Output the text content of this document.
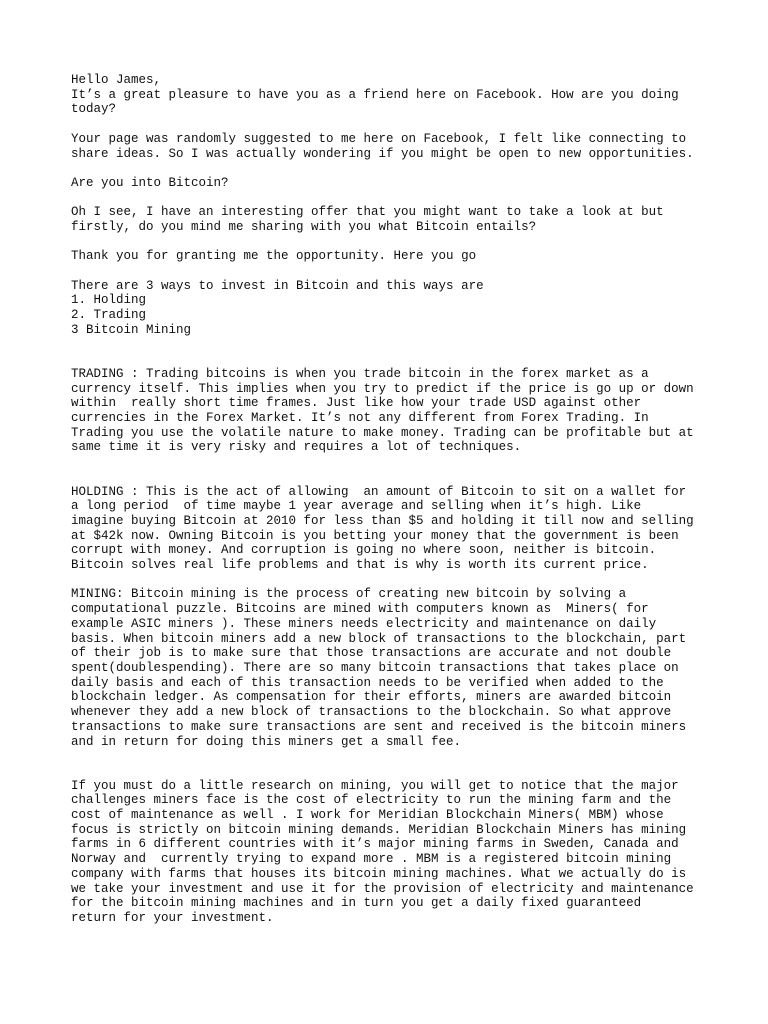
Hello James,

It’s a great pleasure to have you as a friend here on Facebook. How are you doing
today?

Your page was randomly suggested to me here on Facebook, I felt like connecting to
share ideas. So I was actually wondering if you might be open to new opportunities.

Are you into Bitcoin?

Oh I see, I have an interesting offer that you might want to take a look at but
firstly, do you mind me sharing with you what Bitcoin entails?

Thank you for granting me the opportunity. Here you go

There are 3 ways to invest in Bitcoin and this ways are

1. Holding

2. Trading

3 Bitcoin Mining

TRADING : Trading bitcoins is when you trade bitcoin in the forex market as a
currency itself. This implies when you try to predict if the price is go up or down
within  really short time frames. Just like how your trade USD against other
currencies in the Forex Market. It’s not any different from Forex Trading. In
Trading you use the volatile nature to make money. Trading can be profitable but at
same time it is very risky and requires a lot of techniques.

HOLDING : This is the act of allowing  an amount of Bitcoin to sit on a wallet for
a long period  of time maybe 1 year average and selling when it’s high. Like
imagine buying Bitcoin at 2010 for less than $5 and holding it till now and selling
at $42k now. Owning Bitcoin is you betting your money that the government is been
corrupt with money. And corruption is going no where soon, neither is bitcoin.
Bitcoin solves real life problems and that is why is worth its current price.

MINING: Bitcoin mining is the process of creating new bitcoin by solving a
computational puzzle. Bitcoins are mined with computers known as  Miners( for
example ASIC miners ). These miners needs electricity and maintenance on daily
basis. When bitcoin miners add a new block of transactions to the blockchain, part
of their job is to make sure that those transactions are accurate and not double
spent(doublespending). There are so many bitcoin transactions that takes place on
daily basis and each of this transaction needs to be verified when added to the
blockchain ledger. As compensation for their efforts, miners are awarded bitcoin
whenever they add a new block of transactions to the blockchain. So what approve
transactions to make sure transactions are sent and received is the bitcoin miners
and in return for doing this miners get a small fee.

If you must do a little research on mining, you will get to notice that the major
challenges miners face is the cost of electricity to run the mining farm and the
cost of maintenance as well . I work for Meridian Blockchain Miners( MBM) whose
focus is strictly on bitcoin mining demands. Meridian Blockchain Miners has mining
farms in 6 different countries with it’s major mining farms in Sweden, Canada and
Norway and  currently trying to expand more . MBM is a registered bitcoin mining
company with farms that houses its bitcoin mining machines. What we actually do is
we take your investment and use it for the provision of electricity and maintenance
for the bitcoin mining machines and in turn you get a daily fixed guaranteed
return for your investment.
